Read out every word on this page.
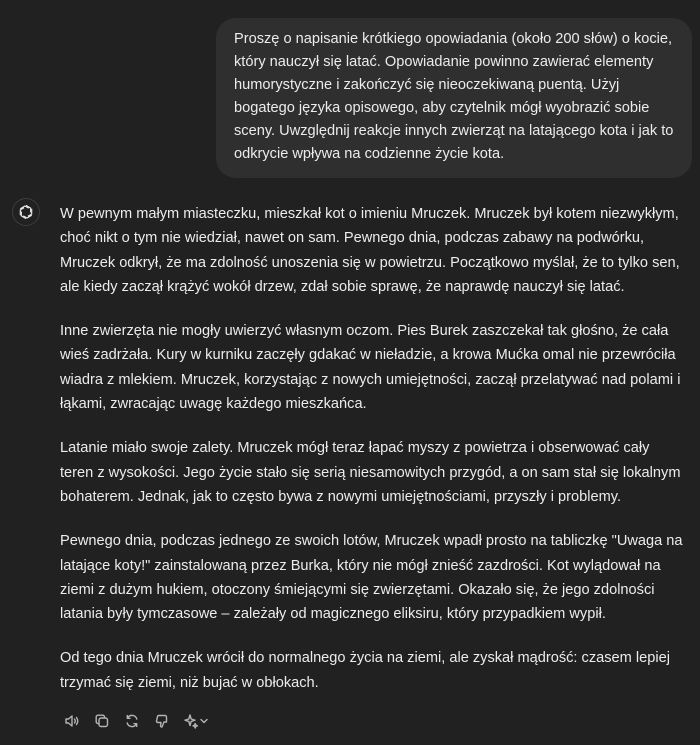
Proszę o napisanie krótkiego opowiadania (około 200 słów) o kocie, który nauczył się latać. Opowiadanie powinno zawierać elementy humorystyczne i zakończyć się nieoczekiwaną puentą. Użyj bogatego języka opisowego, aby czytelnik mógł wyobrazić sobie sceny. Uwzględnij reakcje innych zwierząt na latającego kota i jak to odkrycie wpływa na codzienne życie kota.

W pewnym małym miasteczku, mieszkał kot o imieniu Mruczek. Mruczek był kotem niezwykłym, choć nikt o tym nie wiedział, nawet on sam. Pewnego dnia, podczas zabawy na podwórku, Mruczek odkrył, że ma zdolność unoszenia się w powietrzu. Początkowo myślał, że to tylko sen, ale kiedy zaczął krążyć wokół drzew, zdał sobie sprawę, że naprawdę nauczył się latać.

Inne zwierzęta nie mogły uwierzyć własnym oczom. Pies Burek zaszczekał tak głośno, że cała wieś zadrżała. Kury w kurniku zaczęły gdakać w nieładzie, a krowa Mućka omal nie przewróciła wiadra z mlekiem. Mruczek, korzystając z nowych umiejętności, zaczął przelatywać nad polami i łąkami, zwracając uwagę każdego mieszkańca.

Latanie miało swoje zalety. Mruczek mógł teraz łapać myszy z powietrza i obserwować cały teren z wysokości. Jego życie stało się serią niesamowitych przygód, a on sam stał się lokalnym bohaterem. Jednak, jak to często bywa z nowymi umiejętnościami, przyszły i problemy.

Pewnego dnia, podczas jednego ze swoich lotów, Mruczek wpadł prosto na tabliczkę "Uwaga na latające koty!" zainstalowaną przez Burka, który nie mógł znieść zazdrości. Kot wylądował na ziemi z dużym hukiem, otoczony śmiejącymi się zwierzętami. Okazało się, że jego zdolności latania były tymczasowe – zależały od magicznego eliksiru, który przypadkiem wypił.

Od tego dnia Mruczek wrócił do normalnego życia na ziemi, ale zyskał mądrość: czasem lepiej trzymać się ziemi, niż bujać w obłokach.
